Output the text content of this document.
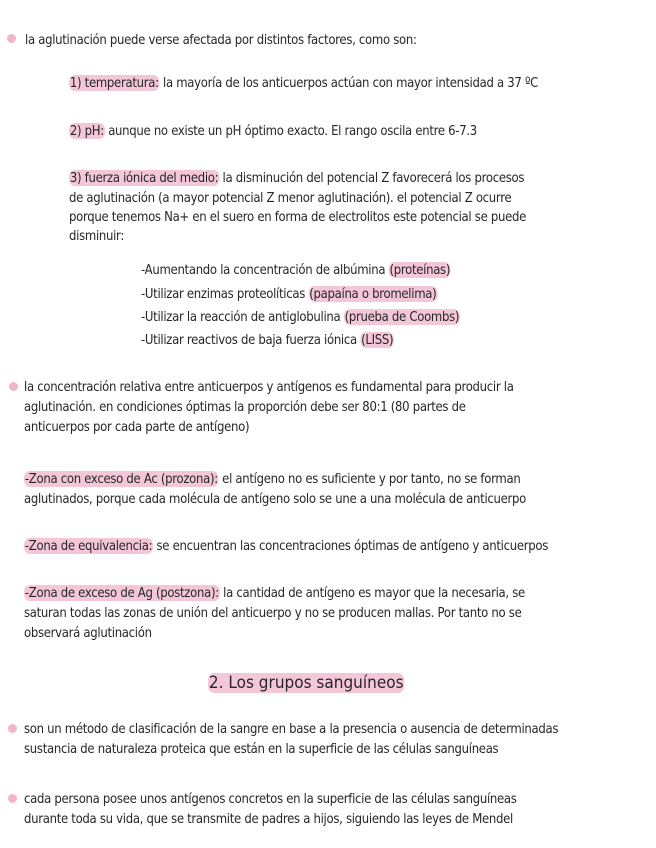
la aglutinación puede verse afectada por distintos factores, como son:
1) temperatura: la mayoría de los anticuerpos actúan con mayor intensidad a 37 ºC
2) pH: aunque no existe un pH óptimo exacto. El rango oscila entre 6-7.3
3) fuerza iónica del medio: la disminución del potencial Z favorecerá los procesos
de aglutinación (a mayor potencial Z menor aglutinación). el potencial Z ocurre
porque tenemos Na+ en el suero en forma de electrolitos este potencial se puede
disminuir:
-Aumentando la concentración de albúmina (proteínas)
-Utilizar enzimas proteolíticas (papaína o bromelima)
-Utilizar la reacción de antiglobulina (prueba de Coombs)
-Utilizar reactivos de baja fuerza iónica (LISS)
la concentración relativa entre anticuerpos y antígenos es fundamental para producir la
aglutinación. en condiciones óptimas la proporción debe ser 80:1 (80 partes de
anticuerpos por cada parte de antígeno)
-Zona con exceso de Ac (prozona): el antígeno no es suficiente y por tanto, no se forman
aglutinados, porque cada molécula de antígeno solo se une a una molécula de anticuerpo
-Zona de equivalencia: se encuentran las concentraciones óptimas de antígeno y anticuerpos
-Zona de exceso de Ag (postzona): la cantidad de antígeno es mayor que la necesaria, se
saturan todas las zonas de unión del anticuerpo y no se producen mallas. Por tanto no se
observará aglutinación
2. Los grupos sanguíneos
son un método de clasificación de la sangre en base a la presencia o ausencia de determinadas
sustancia de naturaleza proteica que están en la superficie de las células sanguíneas
cada persona posee unos antígenos concretos en la superficie de las células sanguíneas
durante toda su vida, que se transmite de padres a hijos, siguiendo las leyes de Mendel
